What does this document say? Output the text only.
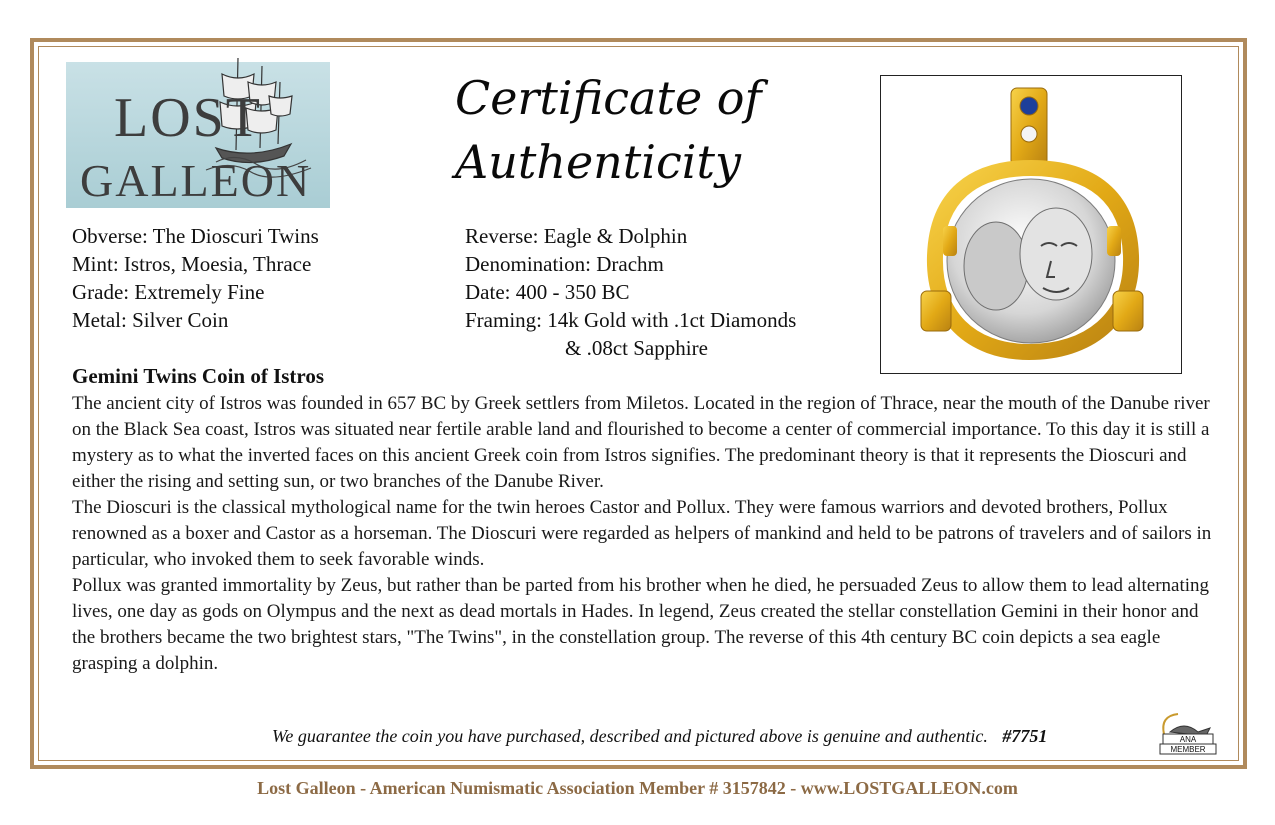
LOST
GALLEON
Certificate of
Authenticity
Obverse: The Dioscuri Twins
Mint: Istros, Moesia, Thrace
Grade: Extremely Fine
Metal: Silver Coin
Reverse: Eagle & Dolphin
Denomination: Drachm
Date: 400 - 350 BC
Framing: 14k Gold with .1ct Diamonds
& .08ct Sapphire
Gemini Twins Coin of Istros

The ancient city of Istros was founded in 657 BC by Greek settlers from Miletos. Located in the region of Thrace, near the mouth of the Danube river on the Black Sea coast, Istros was situated near fertile arable land and flourished to become a center of commercial importance. To this day it is still a mystery as to what the inverted faces on this ancient Greek coin from Istros signifies. The predominant theory is that it represents the Dioscuri and either the rising and setting sun, or two branches of the Danube River.

The Dioscuri is the classical mythological name for the twin heroes Castor and Pollux. They were famous warriors and devoted brothers, Pollux renowned as a boxer and Castor as a horseman. The Dioscuri were regarded as helpers of mankind and held to be patrons of travelers and of sailors in particular, who invoked them to seek favorable winds.

Pollux was granted immortality by Zeus, but rather than be parted from his brother when he died, he persuaded Zeus to allow them to lead alternating lives, one day as gods on Olympus and the next as dead mortals in Hades. In legend, Zeus created the stellar constellation Gemini in their honor and the brothers became the two brightest stars, "The Twins", in the constellation group. The reverse of this 4th century BC coin depicts a sea eagle grasping a dolphin.

We guarantee the coin you have purchased, described and pictured above is genuine and authentic. #7751	ANA
MEMBER
Lost Galleon - American Numismatic Association Member # 3157842 - www.LOSTGALLEON.com
